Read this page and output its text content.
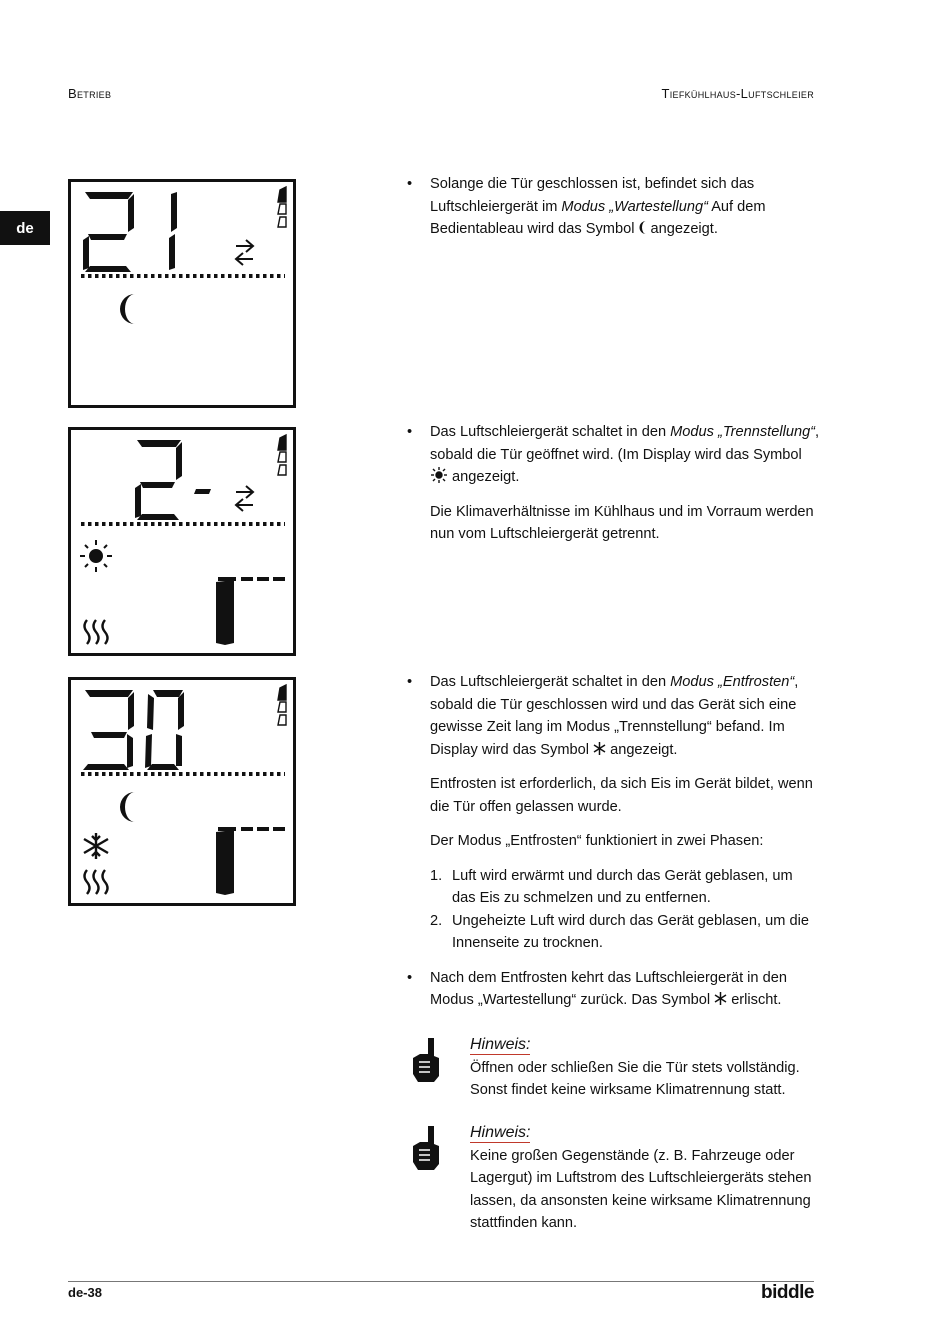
Betrieb	Tiefkühlhaus-Luftschleier
de

• Solange die Tür geschlossen ist, befindet sich das Luftschleiergerät im Modus „Wartestellung“ Auf dem Bedientableau wird das Symbol  angezeigt.

• Das Luftschleiergerät schaltet in den Modus „Trennstellung“, sobald die Tür geöffnet wird. (Im Display wird das Symbol  angezeigt.

Die Klimaverhältnisse im Kühlhaus und im Vorraum werden nun vom Luftschleiergerät getrennt.

• Das Luftschleiergerät schaltet in den Modus „Entfrosten“, sobald die Tür geschlossen wird und das Gerät sich eine gewisse Zeit lang im Modus „Trennstellung“ befand. Im Display wird das Symbol  angezeigt.

Entfrosten ist erforderlich, da sich Eis im Gerät bildet, wenn die Tür offen gelassen wurde.

Der Modus „Entfrosten“ funktioniert in zwei Phasen:

1. Luft wird erwärmt und durch das Gerät geblasen, um das Eis zu schmelzen und zu entfernen.

2. Ungeheizte Luft wird durch das Gerät geblasen, um die Innenseite zu trocknen.

• Nach dem Entfrosten kehrt das Luftschleiergerät in den Modus „Wartestellung“ zurück. Das Symbol  erlischt.

Hinweis:
Öffnen oder schließen Sie die Tür stets vollständig. Sonst findet keine wirksame Klimatrennung statt.
Hinweis:
Keine großen Gegenstände (z. B. Fahrzeuge oder Lagergut) im Luftstrom des Luftschleiergeräts stehen lassen, da ansonsten keine wirksame Klimatrennung stattfinden kann.
de-38	biddle
